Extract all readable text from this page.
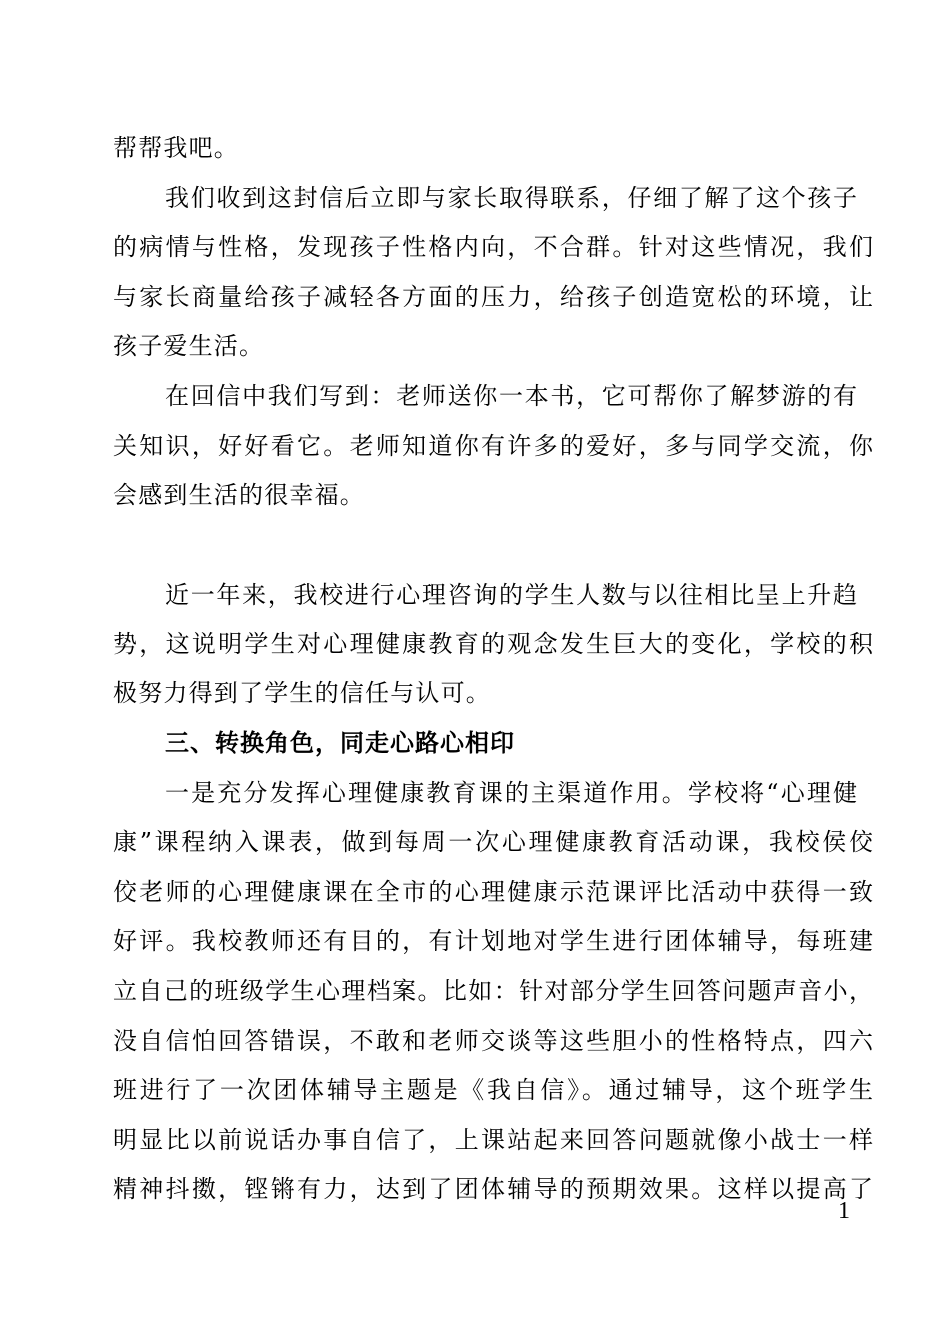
帮帮我吧。
我们收到这封信后立即与家长取得联系，仔细了解了这个孩子
的病情与性格，发现孩子性格内向，不合群。针对这些情况，我们
与家长商量给孩子减轻各方面的压力，给孩子创造宽松的环境，让
孩子爱生活。
在回信中我们写到：老师送你一本书，它可帮你了解梦游的有
关知识，好好看它。老师知道你有许多的爱好，多与同学交流，你
会感到生活的很幸福。
近一年来，我校进行心理咨询的学生人数与以往相比呈上升趋
势，这说明学生对心理健康教育的观念发生巨大的变化，学校的积
极努力得到了学生的信任与认可。
三、转换角色，同走心路心相印
一是充分发挥心理健康教育课的主渠道作用。学校将“心理健
康”课程纳入课表，做到每周一次心理健康教育活动课，我校侯佼
佼老师的心理健康课在全市的心理健康示范课评比活动中获得一致
好评。我校教师还有目的，有计划地对学生进行团体辅导，每班建
立自己的班级学生心理档案。比如：针对部分学生回答问题声音小，
没自信怕回答错误，不敢和老师交谈等这些胆小的性格特点，四六
班进行了一次团体辅导主题是《我自信》。通过辅导，这个班学生
明显比以前说话办事自信了，上课站起来回答问题就像小战士一样
精神抖擞，铿锵有力，达到了团体辅导的预期效果。这样以提高了
1
